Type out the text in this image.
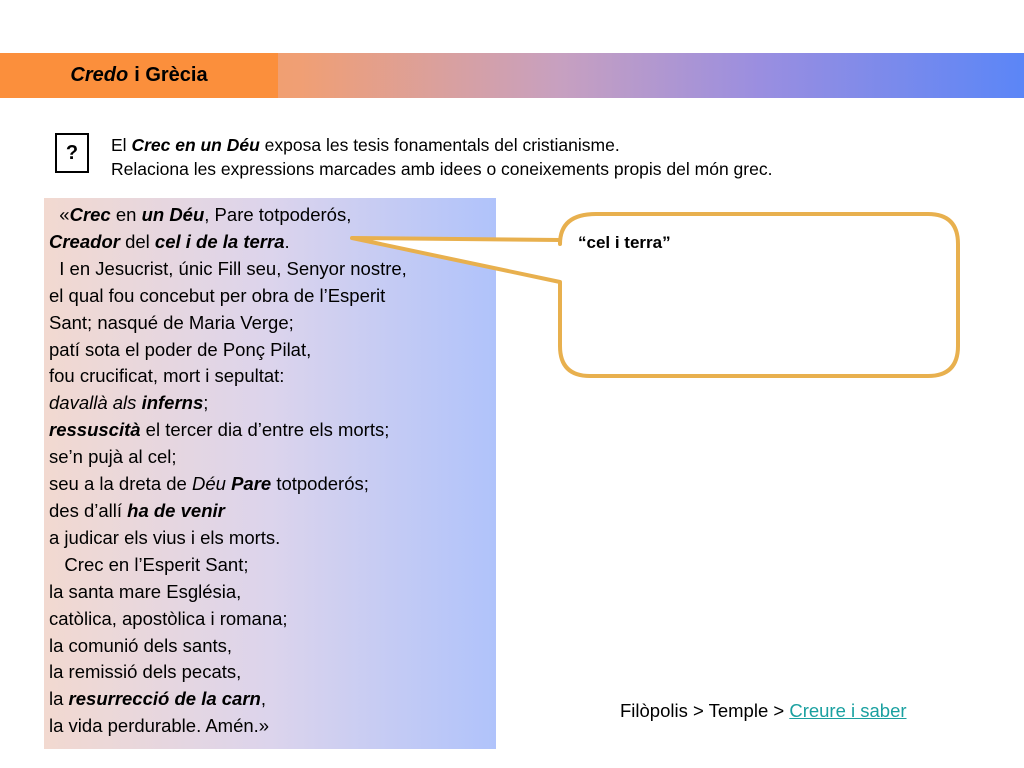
Credo i Grècia
?	El Crec en un Déu exposa les tesis fonamentals del cristianisme.
Relaciona les expressions marcades amb idees o coneixements propis del món grec.
«Crec en un Déu, Pare totpoderós,
Creador del cel i de la terra.
I en Jesucrist, únic Fill seu, Senyor nostre,
el qual fou concebut per obra de l’Esperit
Sant; nasqué de Maria Verge;
patí sota el poder de Ponç Pilat,
fou crucificat, mort i sepultat:
davallà als inferns;
ressuscità el tercer dia d’entre els morts;
se’n pujà al cel;
seu a la dreta de Déu Pare totpoderós;
des d’allí ha de venir
a judicar els vius i els morts.
Crec en l’Esperit Sant;
la santa mare Església,
catòlica, apostòlica i romana;
la comunió dels sants,
la remissió dels pecats,
la resurrecció de la carn,
la vida perdurable. Amén.»
“cel i terra”
Filòpolis > Temple > Creure i saber
